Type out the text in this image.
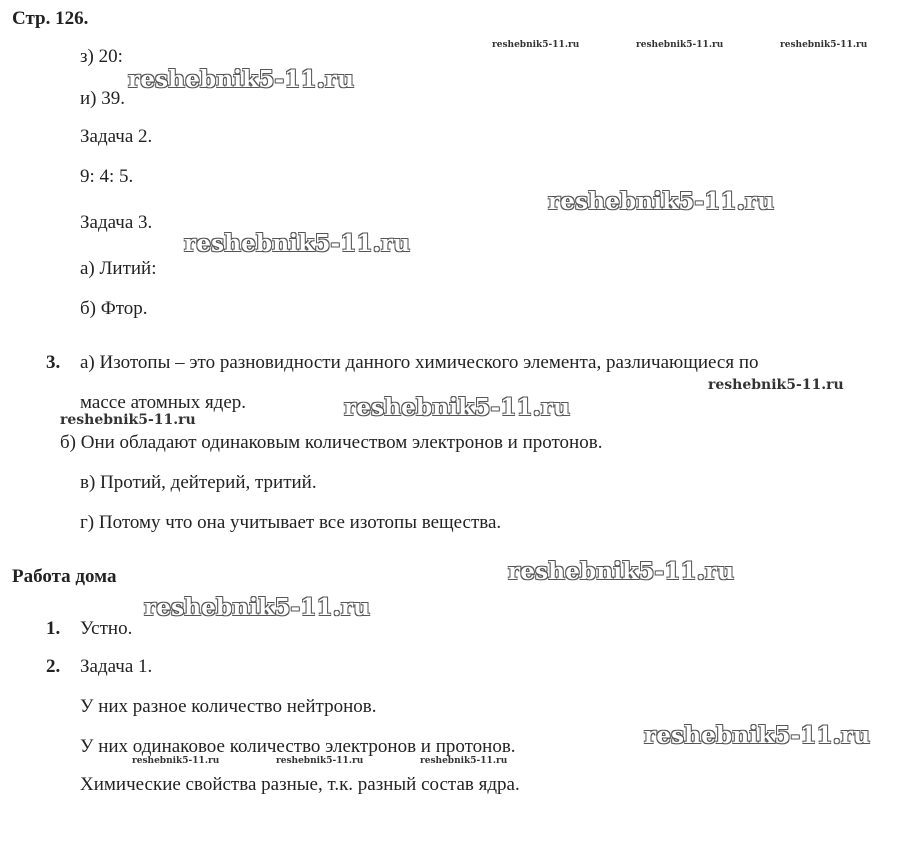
Стр. 126.
з) 20:
и) 39.
Задача 2.
9: 4: 5.
Задача 3.
а) Литий:
б) Фтор.
3. а) Изотопы – это разновидности данного химического элемента, различающиеся по
массе атомных ядер.
б) Они обладают одинаковым количеством электронов и протонов.
в) Протий, дейтерий, тритий.
г) Потому что она учитывает все изотопы вещества.
Работа дома
1. Устно.
2. Задача 1.
У них разное количество нейтронов.
У них одинаковое количество электронов и протонов.
Химические свойства разные, т.к. разный состав ядра.
reshebnik5-11.ru
reshebnik5-11.ru
reshebnik5-11.ru
reshebnik5-11.ru
reshebnik5-11.ru
reshebnik5-11.ru
reshebnik5-11.ru
reshebnik5-11.ru	reshebnik5-11.ru	reshebnik5-11.ru
reshebnik5-11.ru
reshebnik5-11.ru
reshebnik5-11.ru	reshebnik5-11.ru	reshebnik5-11.ru
